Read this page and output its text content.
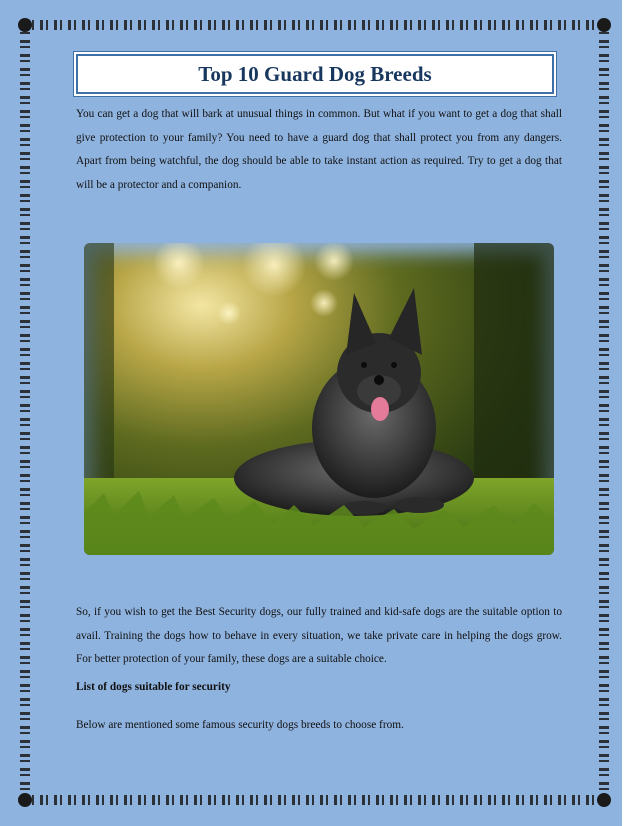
Top 10 Guard Dog Breeds

You can get a dog that will bark at unusual things in common. But what if you want to get a dog that shall give protection to your family? You need to have a guard dog that shall protect you from any dangers. Apart from being watchful, the dog should be able to take instant action as required. Try to get a dog that will be a protector and a companion.

So, if you wish to get the Best Security dogs, our fully trained and kid-safe dogs are the suitable option to avail. Training the dogs how to behave in every situation, we take private care in helping the dogs grow. For better protection of your family, these dogs are a suitable choice.

List of dogs suitable for security

Below are mentioned some famous security dogs breeds to choose from.
